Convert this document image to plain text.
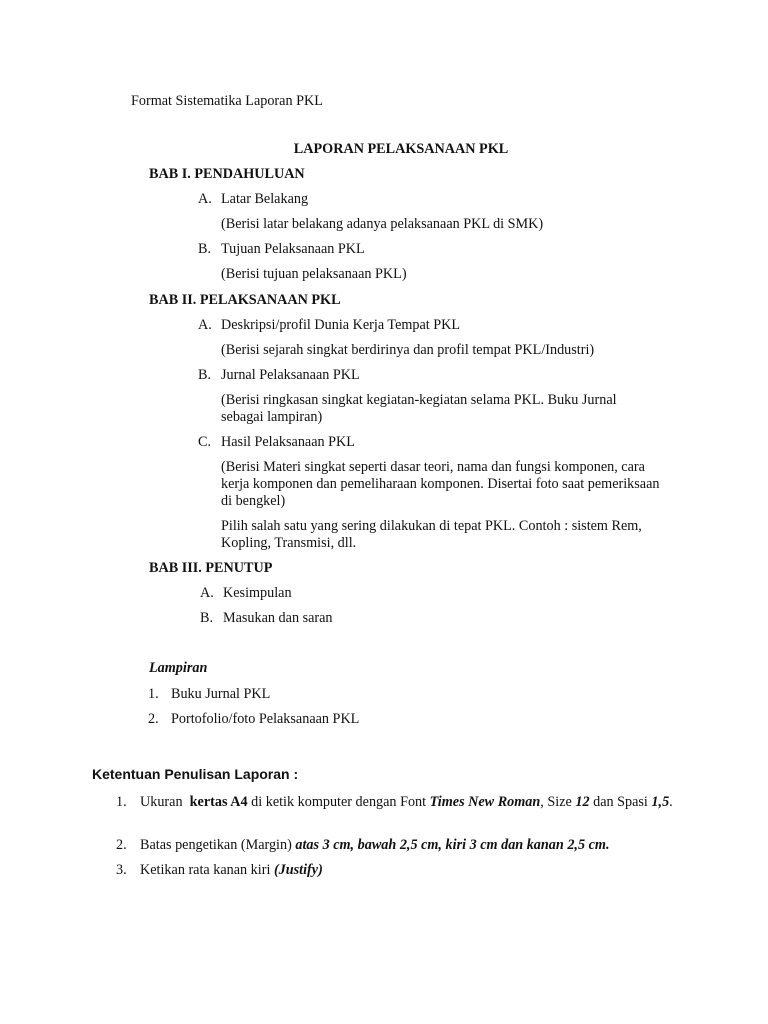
Format Sistematika Laporan PKL
LAPORAN PELAKSANAAN PKL
BAB I. PENDAHULUAN
A. Latar Belakang
(Berisi latar belakang adanya pelaksanaan PKL di SMK)
B. Tujuan Pelaksanaan PKL
(Berisi tujuan pelaksanaan PKL)
BAB II. PELAKSANAAN PKL
A. Deskripsi/profil Dunia Kerja Tempat PKL
(Berisi sejarah singkat berdirinya dan profil tempat PKL/Industri)
B. Jurnal Pelaksanaan PKL
(Berisi ringkasan singkat kegiatan-kegiatan selama PKL. Buku Jurnal sebagai lampiran)
C. Hasil Pelaksanaan PKL
(Berisi Materi singkat seperti dasar teori, nama dan fungsi komponen, cara kerja komponen dan pemeliharaan komponen. Disertai foto saat pemeriksaan di bengkel)
Pilih salah satu yang sering dilakukan di tepat PKL. Contoh : sistem Rem, Kopling, Transmisi, dll.
BAB III. PENUTUP
A. Kesimpulan
B. Masukan dan saran
Lampiran
1. Buku Jurnal PKL
2. Portofolio/foto Pelaksanaan PKL
Ketentuan Penulisan Laporan :
1. Ukuran kertas A4 di ketik komputer dengan Font Times New Roman, Size 12 dan Spasi 1,5.
2. Batas pengetikan (Margin) atas 3 cm, bawah 2,5 cm, kiri 3 cm dan kanan 2,5 cm.
3. Ketikan rata kanan kiri (Justify)
